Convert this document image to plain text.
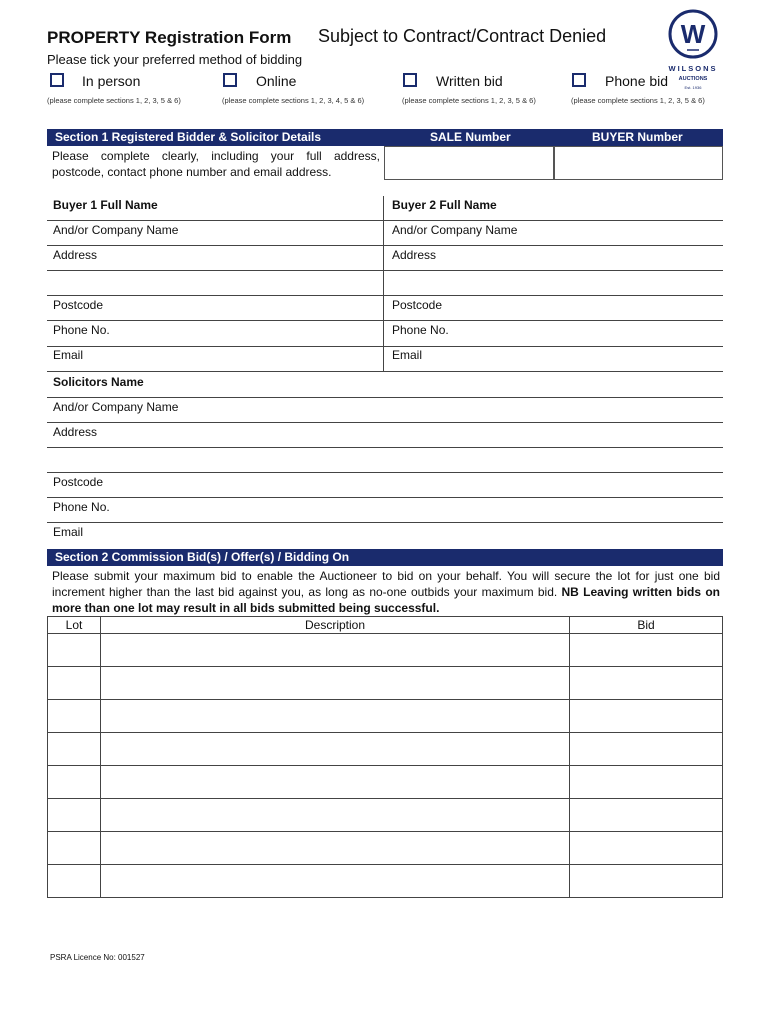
PROPERTY Registration Form Subject to Contract/Contract Denied
Please tick your preferred method of bidding
W
WILSONS
AUCTIONS
Est. 1936
In person
(please complete sections 1, 2, 3, 5 & 6)
Online
(please complete sections 1, 2, 3, 4, 5 & 6)
Written bid
(please complete sections 1, 2, 3, 5 & 6)
Phone bid
(please complete sections 1, 2, 3, 5 & 6)
Section 1 Registered Bidder & Solicitor Details	SALE Number	BUYER Number
Please complete clearly, including your full address, postcode, contact phone number and email address.
Buyer 1 Full Name	Buyer 2 Full Name
And/or Company Name	And/or Company Name
Address	Address
Postcode	Postcode
Phone No.	Phone No.
Email	Email
Solicitors Name
And/or Company Name
Address
Postcode
Phone No.
Email
Section 2 Commission Bid(s) / Offer(s) / Bidding On
Please submit your maximum bid to enable the Auctioneer to bid on your behalf. You will secure the lot for just one bid increment higher than the last bid against you, as long as no-one outbids your maximum bid. NB Leaving written bids on more than one lot may result in all bids submitted being successful.
Lot	Description	Bid

PSRA Licence No: 001527
